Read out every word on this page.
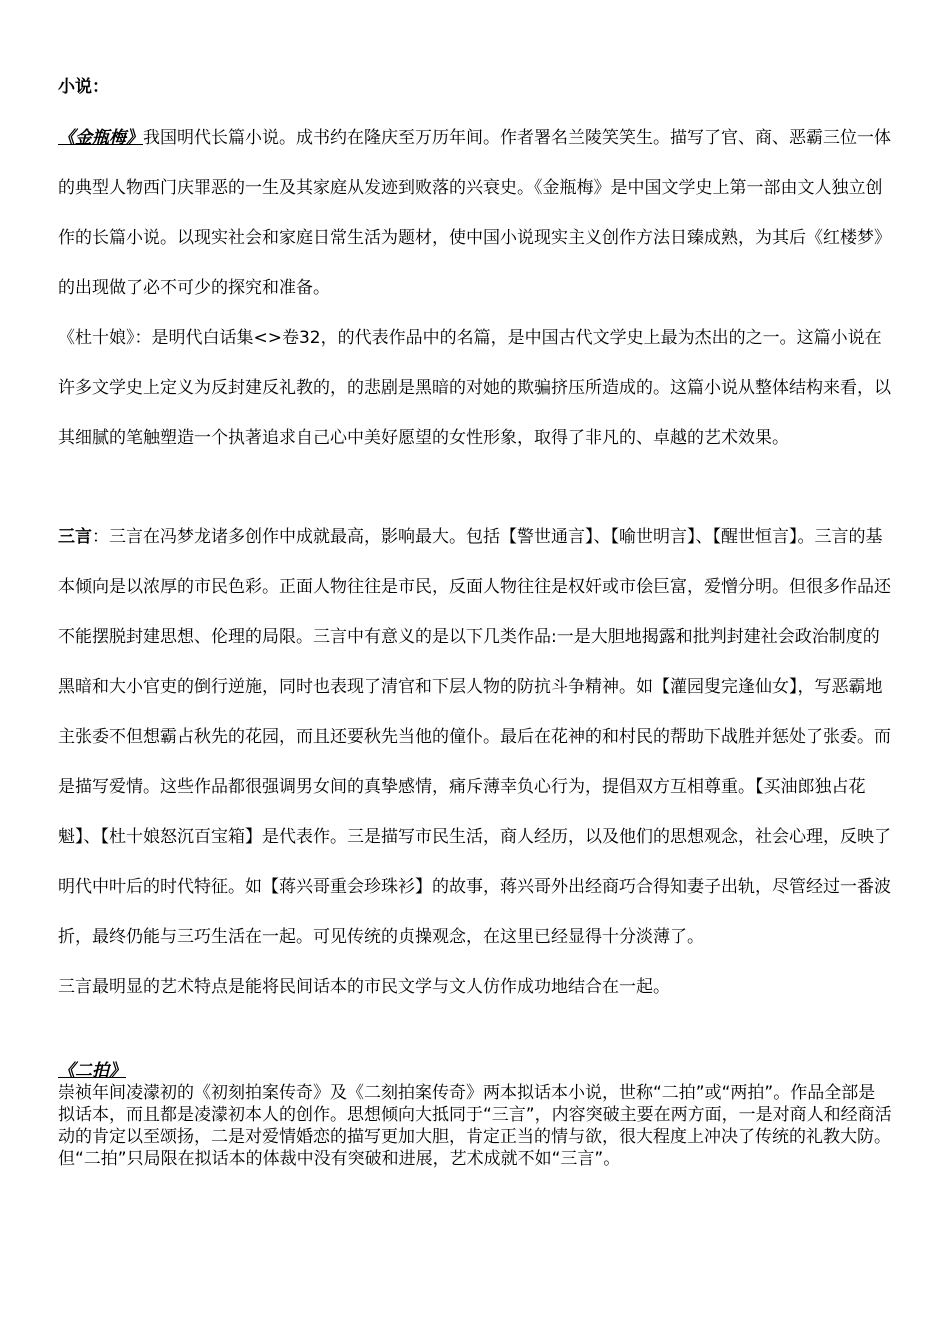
小说：

《金瓶梅》我国明代长篇小说。成书约在隆庆至万历年间。作者署名兰陵笑笑生。描写了官、商、恶霸三位一体的典型人物西门庆罪恶的一生及其家庭从发迹到败落的兴衰史。《金瓶梅》是中国文学史上第一部由文人独立创作的长篇小说。以现实社会和家庭日常生活为题材，使中国小说现实主义创作方法日臻成熟，为其后《红楼梦》的出现做了必不可少的探究和准备。

《杜十娘》：是明代白话集<>卷32，的代表作品中的名篇，是中国古代文学史上最为杰出的之一。这篇小说在许多文学史上定义为反封建反礼教的，的悲剧是黑暗的对她的欺骗挤压所造成的。这篇小说从整体结构来看，以其细腻的笔触塑造一个执著追求自己心中美好愿望的女性形象，取得了非凡的、卓越的艺术效果。

三言：三言在冯梦龙诸多创作中成就最高，影响最大。包括【警世通言】、【喻世明言】、【醒世恒言】。三言的基本倾向是以浓厚的市民色彩。正面人物往往是市民，反面人物往往是权奸或市侩巨富，爱憎分明。但很多作品还不能摆脱封建思想、伦理的局限。三言中有意义的是以下几类作品:一是大胆地揭露和批判封建社会政治制度的黑暗和大小官吏的倒行逆施，同时也表现了清官和下层人物的防抗斗争精神。如【灌园叟完逢仙女】，写恶霸地主张委不但想霸占秋先的花园，而且还要秋先当他的僮仆。最后在花神的和村民的帮助下战胜并惩处了张委。而是描写爱情。这些作品都很强调男女间的真挚感情，痛斥薄幸负心行为，提倡双方互相尊重。【买油郎独占花魁】、【杜十娘怒沉百宝箱】是代表作。三是描写市民生活，商人经历，以及他们的思想观念，社会心理，反映了明代中叶后的时代特征。如【蒋兴哥重会珍珠衫】的故事，蒋兴哥外出经商巧合得知妻子出轨，尽管经过一番波折，最终仍能与三巧生活在一起。可见传统的贞操观念，在这里已经显得十分淡薄了。

三言最明显的艺术特点是能将民间话本的市民文学与文人仿作成功地结合在一起。

《二拍》

崇祯年间凌濛初的《初刻拍案传奇》及《二刻拍案传奇》两本拟话本小说，世称“二拍”或“两拍”。作品全部是拟话本，而且都是凌濛初本人的创作。思想倾向大抵同于“三言”，内容突破主要在两方面，一是对商人和经商活动的肯定以至颂扬，二是对爱情婚恋的描写更加大胆，肯定正当的情与欲，很大程度上冲决了传统的礼教大防。但“二拍”只局限在拟话本的体裁中没有突破和进展，艺术成就不如“三言”。
